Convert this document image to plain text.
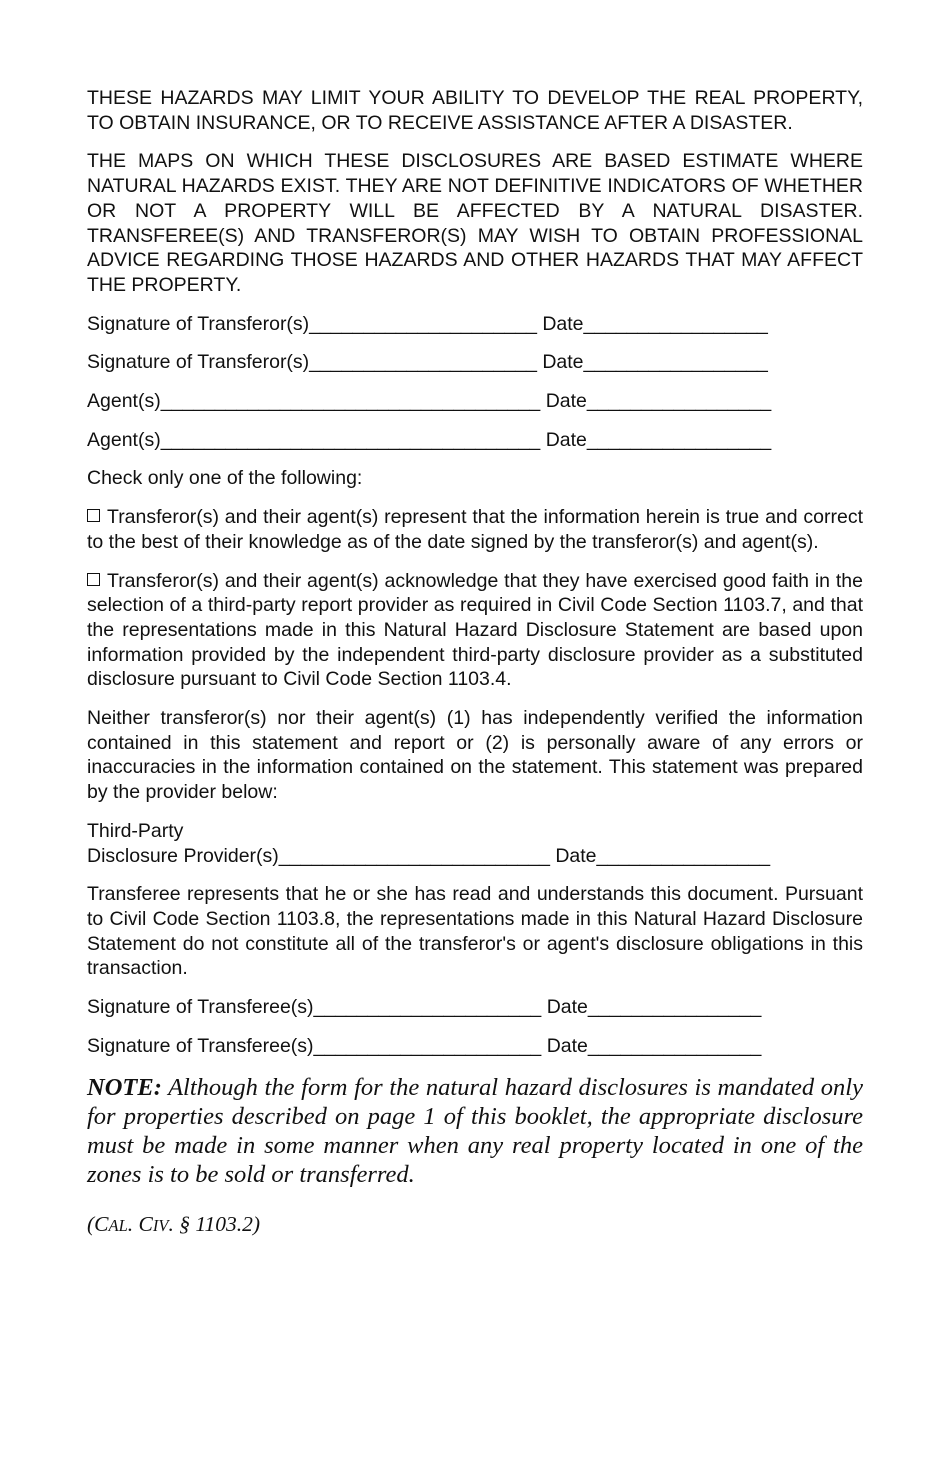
THESE HAZARDS MAY LIMIT YOUR ABILITY TO DEVELOP THE REAL PROPERTY, TO OBTAIN INSURANCE, OR TO RECEIVE ASSISTANCE AFTER A DISASTER.

THE MAPS ON WHICH THESE DISCLOSURES ARE BASED ESTIMATE WHERE NATURAL HAZARDS EXIST. THEY ARE NOT DEFINITIVE INDICATORS OF WHETHER OR NOT A PROPERTY WILL BE AFFECTED BY A NATURAL DISASTER. TRANSFEREE(S) AND TRANSFEROR(S) MAY WISH TO OBTAIN PROFESSIONAL ADVICE REGARDING THOSE HAZARDS AND OTHER HAZARDS THAT MAY AFFECT THE PROPERTY.

Signature of Transferor(s)_____________________ Date_________________
Signature of Transferor(s)_____________________ Date_________________
Agent(s)___________________________________ Date_________________
Agent(s)___________________________________ Date_________________

Check only one of the following:

Transferor(s) and their agent(s) represent that the information herein is true and correct to the best of their knowledge as of the date signed by the transferor(s) and agent(s).

Transferor(s) and their agent(s) acknowledge that they have exercised good faith in the selection of a third-party report provider as required in Civil Code Section 1103.7, and that the representations made in this Natural Hazard Disclosure Statement are based upon information provided by the independent third-party disclosure provider as a substituted disclosure pursuant to Civil Code Section 1103.4.

Neither transferor(s) nor their agent(s) (1) has independently verified the information contained in this statement and report or (2) is personally aware of any errors or inaccuracies in the information contained on the statement. This statement was prepared by the provider below:

Third-Party
Disclosure Provider(s)_________________________ Date________________

Transferee represents that he or she has read and understands this document. Pursuant to Civil Code Section 1103.8, the representations made in this Natural Hazard Disclosure Statement do not constitute all of the transferor's or agent's disclosure obligations in this transaction.

Signature of Transferee(s)_____________________ Date________________
Signature of Transferee(s)_____________________ Date________________

NOTE: Although the form for the natural hazard disclosures is mandated only for properties described on page 1 of this booklet, the appropriate disclosure must be made in some manner when any real property located in one of the zones is to be sold or transferred.

(CAL. CIV. § 1103.2)
